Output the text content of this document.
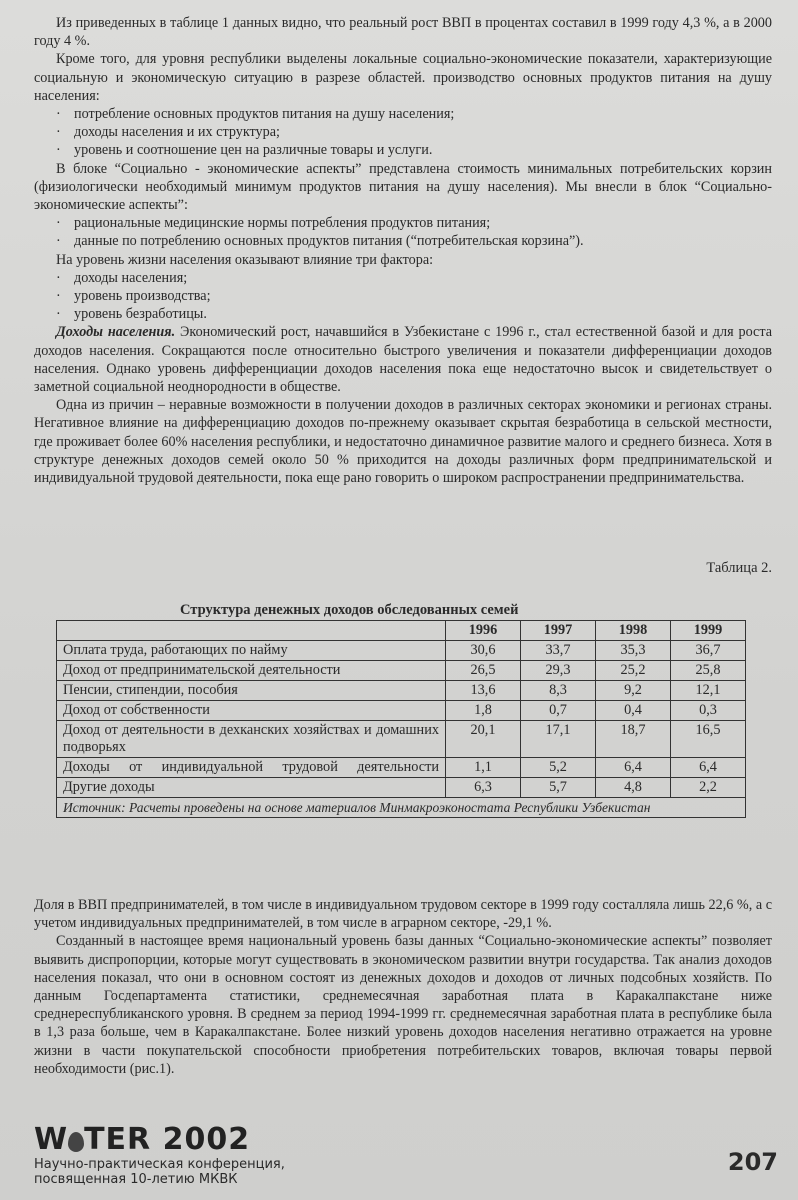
Из приведенных в таблице 1 данных видно, что реальный рост ВВП в процентах составил в 1999 году 4,3 %, а в 2000 году 4 %.

Кроме того, для уровня республики выделены локальные социально-экономические показатели, характеризующие социальную и экономическую ситуацию в разрезе областей. производство основных продуктов питания на душу населения:

· потребление основных продуктов питания на душу населения;
· доходы населения и их структура;
· уровень и соотношение цен на различные товары и услуги.

В блоке “Социально - экономические аспекты” представлена стоимость минимальных потребительских корзин (физиологически необходимый минимум продуктов питания на душу населения). Мы внесли в блок “Социально-экономические аспекты”:

· рациональные медицинские нормы потребления продуктов питания;
· данные по потреблению основных продуктов питания (“потребительская корзина”).

На уровень жизни населения оказывают влияние три фактора:

· доходы населения;
· уровень производства;
· уровень безработицы.

Доходы населения. Экономический рост, начавшийся в Узбекистане с 1996 г., стал естественной базой и для роста доходов населения. Сокращаются после относительно быстрого увеличения и показатели дифференциации доходов населения. Однако уровень дифференциации доходов населения пока еще недостаточно высок и свидетельствует о заметной социальной неоднородности в обществе.

Одна из причин – неравные возможности в получении доходов в различных секторах экономики и регионах страны. Негативное влияние на дифференциацию доходов по-прежнему оказывает скрытая безработица в сельской местности, где проживает более 60% населения республики, и недостаточно динамичное развитие малого и среднего бизнеса. Хотя в структуре денежных доходов семей около 50 % приходится на доходы различных форм предпринимательской и индивидуальной трудовой деятельности, пока еще рано говорить о широком распространении предпринимательства.

Таблица 2.
Структура денежных доходов обследованных семей
	1996	1997	1998	1999
Оплата труда, работающих по найму	30,6	33,7	35,3	36,7
Доход от предпринимательской деятельности	26,5	29,3	25,2	25,8
Пенсии, стипендии, пособия	13,6	8,3	9,2	12,1
Доход от собственности	1,8	0,7	0,4	0,3
Доход от деятельности в дехканских хозяйствах и домашних подворьях	20,1	17,1	18,7	16,5
Доходы от индивидуальной трудовой деятельности	1,1	5,2	6,4	6,4
Другие доходы	6,3	5,7	4,8	2,2
Источник: Расчеты проведены на основе материалов Минмакроэконостата Республики Узбекистан				

Доля в ВВП предпринимателей, в том числе в индивидуальном трудовом секторе в 1999 году состалляла лишь 22,6 %, а с учетом индивидуальных предпринимателей, в том числе в аграрном секторе, -29,1 %.

Созданный в настоящее время национальный уровень базы данных “Социально-экономические аспекты” позволяет выявить диспропорции, которые могут существовать в экономическом развитии внутри государства. Так анализ доходов населения показал, что они в основном состоят из денежных доходов и доходов от личных подсобных хозяйств. По данным Госдепартамента статистики, среднемесячная заработная плата в Каракалпакстане ниже среднереспубликанского уровня. В среднем за период 1994-1999 гг. среднемесячная заработная плата в республике была в 1,3 раза больше, чем в Каракалпакстане. Более низкий уровень доходов населения негативно отражается на уровне жизни в части покупательской способности приобретения потребительских товаров, включая товары первой необходимости (рис.1).

W TER 2002
Научно-практическая конференция,
посвященная 10-летию МКВК
207
